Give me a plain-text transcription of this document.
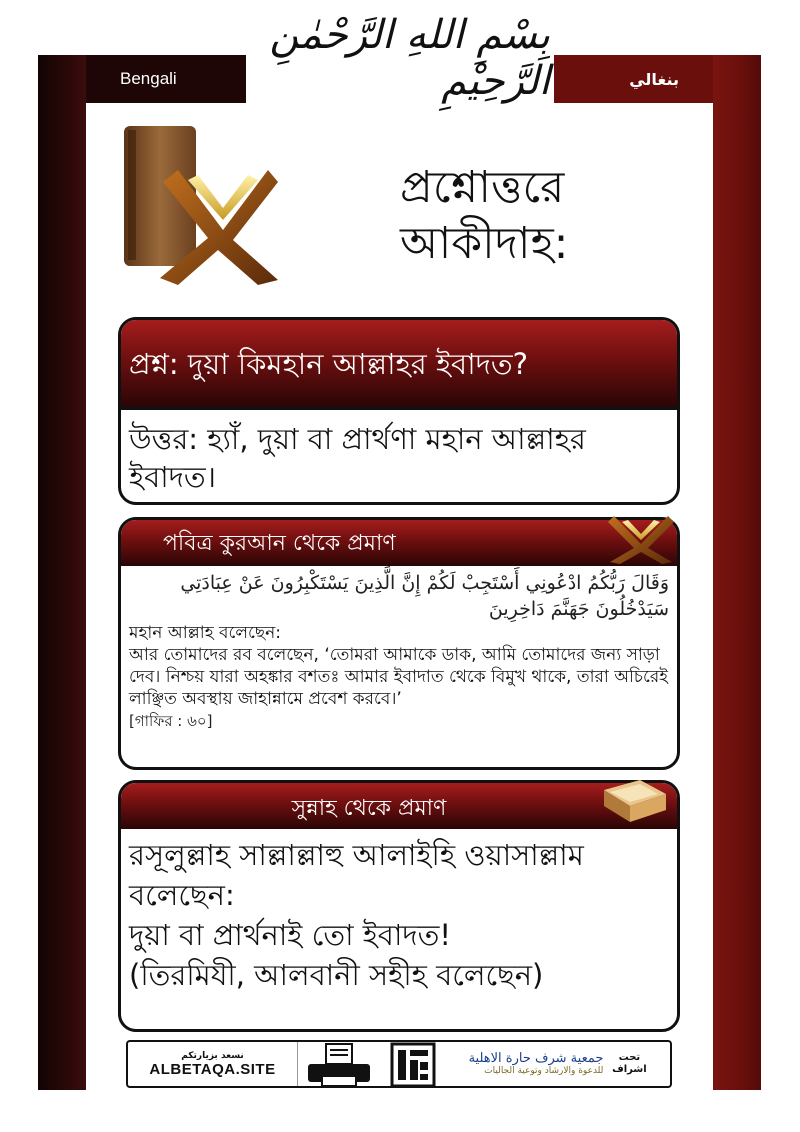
Bengali	بنغالي
بِسْمِ اللهِ الرَّحْمٰنِ الرَّحِيْمِ
প্রশ্নোত্তরে
আকীদাহ:
প্রশ্ন: দুয়া কিমহান আল্লাহর ইবাদত?
উত্তর: হ্যাঁ, দুয়া বা প্রার্থণা মহান আল্লাহর ইবাদত।
পবিত্র কুরআন থেকে প্রমাণ
وَقَالَ رَبُّكُمُ ادْعُونِي أَسْتَجِبْ لَكُمْ إِنَّ الَّذِينَ يَسْتَكْبِرُونَ عَنْ عِبَادَتِي سَيَدْخُلُونَ جَهَنَّمَ دَاخِرِينَ
মহান আল্লাহ বলেছেন:
আর তোমাদের রব বলেছেন, ‘তোমরা আমাকে ডাক, আমি তোমাদের জন্য সাড়া দেব। নিশ্চয় যারা অহঙ্কার বশতঃ আমার ইবাদাত থেকে বিমুখ থাকে, তারা অচিরেই লাঞ্ছিত অবস্থায় জাহান্নামে প্রবেশ করবে।’
[গাফির : ৬০]
সুন্নাহ থেকে প্রমাণ
রসূলুল্লাহ সাল্লাল্লাহু আলাইহি ওয়াসাল্লাম বলেছেন:
দুয়া বা প্রার্থনাই তো ইবাদত!
(তিরমিযী, আলবানী সহীহ বলেছেন)
نسعد بزيارتكم
ALBETAQA.SITE
جمعية شرف حارة الاهلية
للدعوة والارشاد وتوعية الجاليات
تحت اشراف
